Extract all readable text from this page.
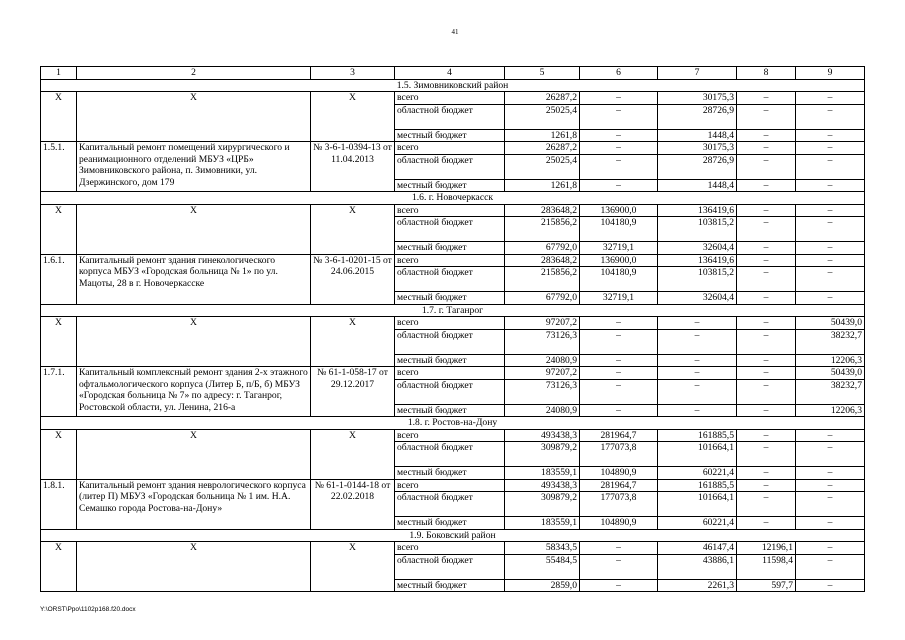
41
1	2	3	4	5	6	7	8	9
1.5. Зимовниковский район								
Х	Х	Х	всего	26287,2	–	30175,3	–	–
			областной бюджет	25025,4	–	28726,9	–	–
			местный бюджет	1261,8	–	1448,4	–	–
1.5.1.	Капитальный ремонт помещений хирургического и реанимационного отделений МБУЗ «ЦРБ» Зимовниковского района, п. Зимовники, ул. Дзержинского, дом 179	№ 3-6-1-0394-13 от 11.04.2013	всего	26287,2	–	30175,3	–	–
			областной бюджет	25025,4	–	28726,9	–	–
			местный бюджет	1261,8	–	1448,4	–	–
1.6. г. Новочеркасск								
Х	Х	Х	всего	283648,2	136900,0	136419,6	–	–
			областной бюджет	215856,2	104180,9	103815,2	–	–
			местный бюджет	67792,0	32719,1	32604,4	–	–
1.6.1.	Капитальный ремонт здания гинекологического корпуса МБУЗ «Городская больница № 1» по ул. Мацоты, 28 в г. Новочеркасске	№ 3-6-1-0201-15 от 24.06.2015	всего	283648,2	136900,0	136419,6	–	–
			областной бюджет	215856,2	104180,9	103815,2	–	–
			местный бюджет	67792,0	32719,1	32604,4	–	–
1.7. г. Таганрог								
Х	Х	Х	всего	97207,2	–	–	–	50439,0
			областной бюджет	73126,3	–	–	–	38232,7
			местный бюджет	24080,9	–	–	–	12206,3
1.7.1.	Капитальный комплексный ремонт здания 2-х этажного офтальмологического корпуса (Литер Б, п/Б, б) МБУЗ «Городская больница № 7» по адресу: г. Таганрог, Ростовской области, ул. Ленина, 216-а	№ 61-1-058-17 от 29.12.2017	всего	97207,2	–	–	–	50439,0
			областной бюджет	73126,3	–	–	–	38232,7
			местный бюджет	24080,9	–	–	–	12206,3
1.8. г. Ростов-на-Дону								
Х	Х	Х	всего	493438,3	281964,7	161885,5	–	–
			областной бюджет	309879,2	177073,8	101664,1	–	–
			местный бюджет	183559,1	104890,9	60221,4	–	–
1.8.1.	Капитальный ремонт здания неврологического корпуса (литер П) МБУЗ «Городская больница № 1 им. Н.А. Семашко города Ростова-на-Дону»	№ 61-1-0144-18 от 22.02.2018	всего	493438,3	281964,7	161885,5	–	–
			областной бюджет	309879,2	177073,8	101664,1	–	–
			местный бюджет	183559,1	104890,9	60221,4	–	–
1.9. Боковский район								
Х	Х	Х	всего	58343,5	–	46147,4	12196,1	–
			областной бюджет	55484,5	–	43886,1	11598,4	–
			местный бюджет	2859,0	–	2261,3	597,7	–
Y:\ORST\Ppo\1102p168.f20.docx
